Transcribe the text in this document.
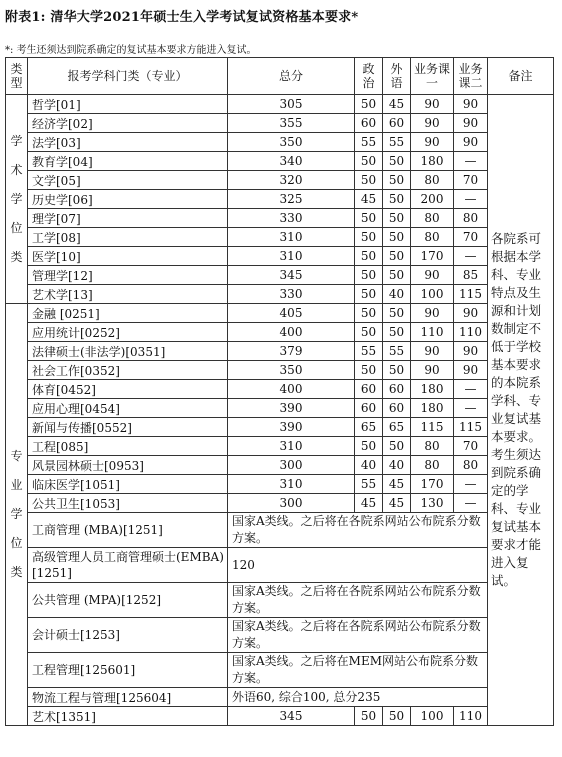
附表1: 清华大学2021年硕士生入学考试复试资格基本要求*
*: 考生还须达到院系确定的复试基本要求方能进入复试。
类型	报考学科门类（专业）	总分	政治	外语	业务课一	业务课二	备注
学术学位类	哲学[01]	305	50	45	90	90	各院系可根据本学科、专业特点及生源和计划数制定不低于学校基本要求的本院系学科、专业复试基本要求。考生须达到院系确定的学科、专业复试基本要求才能进入复试。
	经济学[02]	355	60	60	90	90	
	法学[03]	350	55	55	90	90	
	教育学[04]	340	50	50	180	—	
	文学[05]	320	50	50	80	70	
	历史学[06]	325	45	50	200	—	
	理学[07]	330	50	50	80	80	
	工学[08]	310	50	50	80	70	
	医学[10]	310	50	50	170	—	
	管理学[12]	345	50	50	90	85	
	艺术学[13]	330	50	40	100	115	
专业学位类	金融 [0251]	405	50	50	90	90	
	应用统计[0252]	400	50	50	110	110	
	法律硕士(非法学)[0351]	379	55	55	90	90	
	社会工作[0352]	350	50	50	90	90	
	体育[0452]	400	60	60	180	—	
	应用心理[0454]	390	60	60	180	—	
	新闻与传播[0552]	390	65	65	115	115	
	工程[085]	310	50	50	80	70	
	风景园林硕士[0953]	300	40	40	80	80	
	临床医学[1051]	310	55	45	170	—	
	公共卫生[1053]	300	45	45	130	—	
	工商管理 (MBA)[1251]	国家A类线。之后将在各院系网站公布院系分数方案。					
	高级管理人员工商管理硕士(EMBA)[1251]	120					
	公共管理 (MPA)[1252]	国家A类线。之后将在各院系网站公布院系分数方案。					
	会计硕士[1253]	国家A类线。之后将在各院系网站公布院系分数方案。					
	工程管理[125601]	国家A类线。之后将在MEM网站公布院系分数方案。					
	物流工程与管理[125604]	外语60, 综合100, 总分235					
	艺术[1351]	345	50	50	100	110	
